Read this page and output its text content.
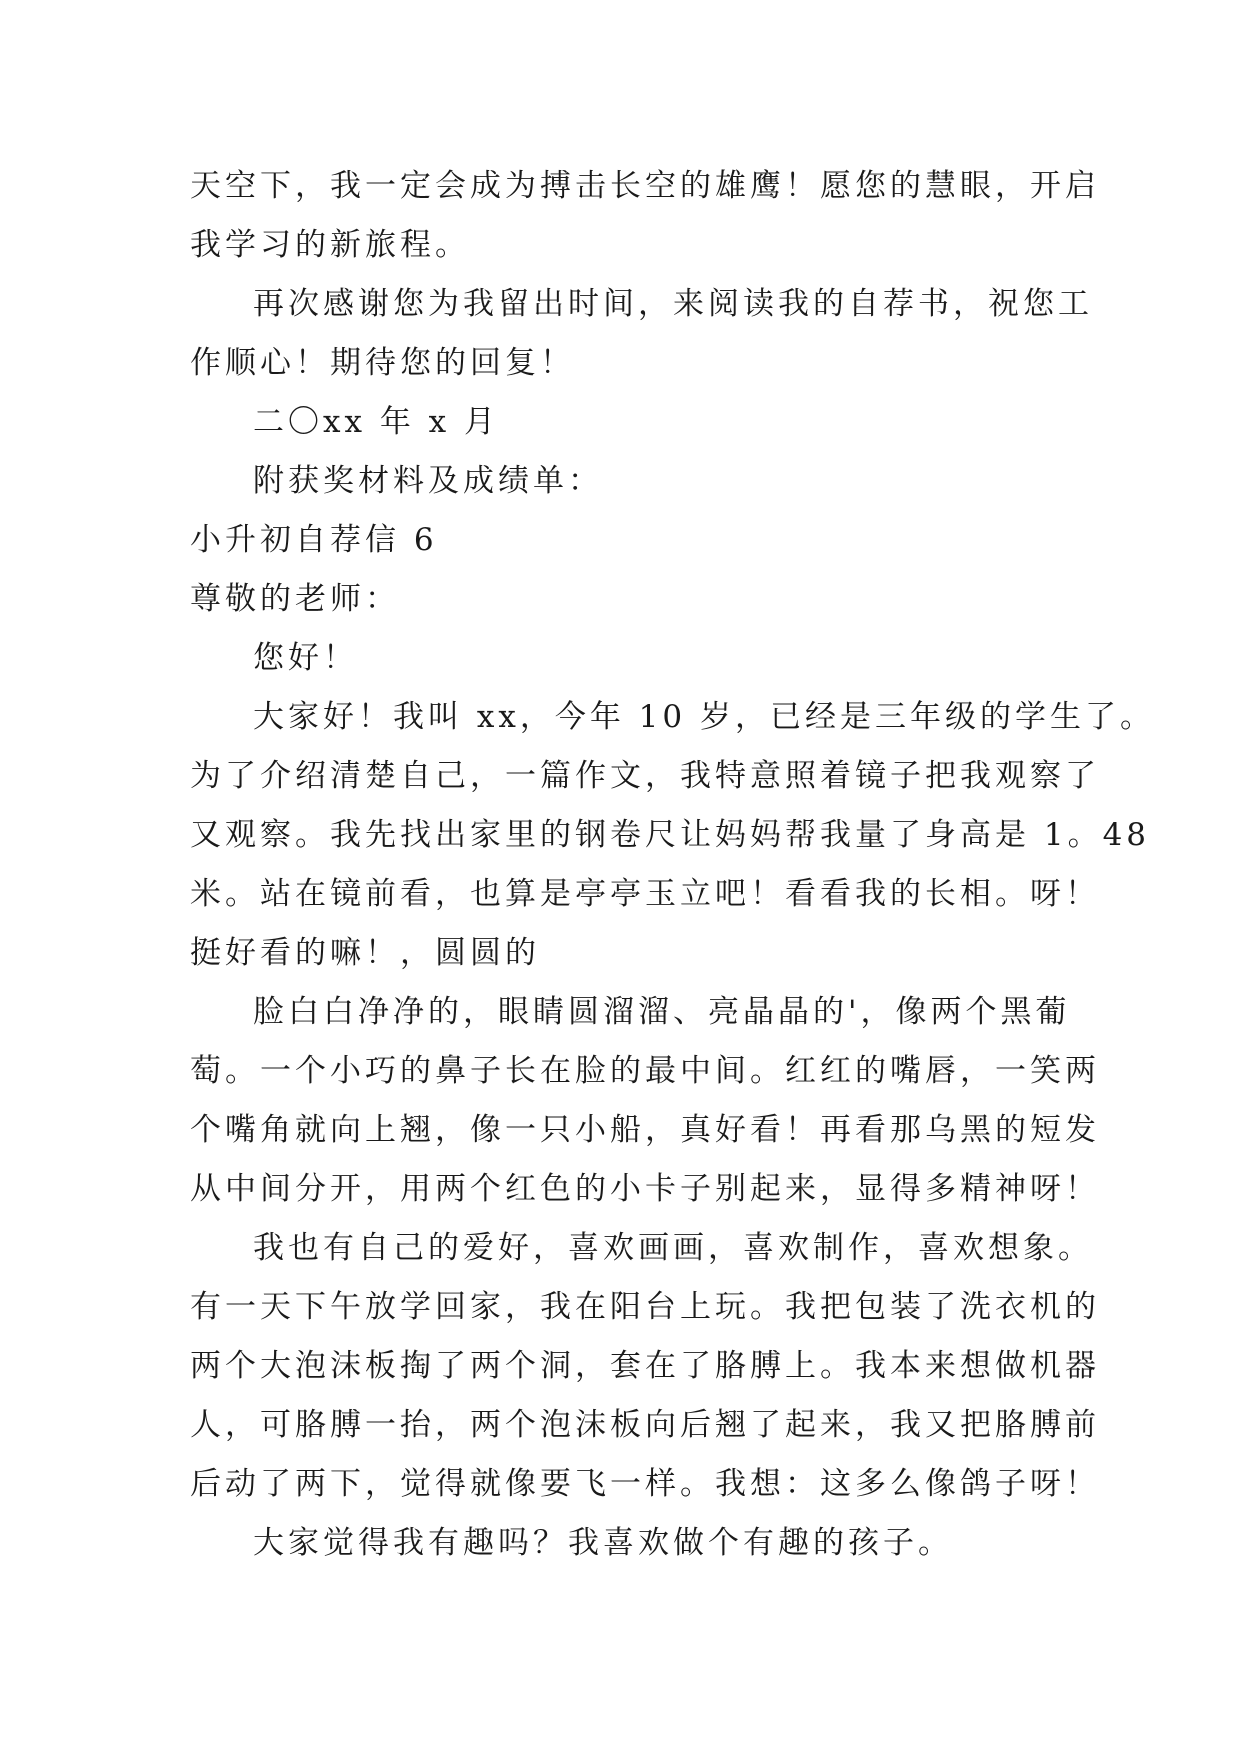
天空下，我一定会成为搏击长空的雄鹰！愿您的慧眼，开启
我学习的新旅程。
再次感谢您为我留出时间，来阅读我的自荐书，祝您工
作顺心！期待您的回复！
二〇xx 年 x 月
附获奖材料及成绩单：
小升初自荐信 6
尊敬的老师：
您好！
大家好！我叫 xx，今年 10 岁，已经是三年级的学生了。
为了介绍清楚自己，一篇作文，我特意照着镜子把我观察了
又观察。我先找出家里的钢卷尺让妈妈帮我量了身高是 1。48
米。站在镜前看，也算是亭亭玉立吧！看看我的长相。呀！
挺好看的嘛！，圆圆的
脸白白净净的，眼睛圆溜溜、亮晶晶的'，像两个黑葡
萄。一个小巧的鼻子长在脸的最中间。红红的嘴唇，一笑两
个嘴角就向上翘，像一只小船，真好看！再看那乌黑的短发
从中间分开，用两个红色的小卡子别起来，显得多精神呀！
我也有自己的爱好，喜欢画画，喜欢制作，喜欢想象。
有一天下午放学回家，我在阳台上玩。我把包装了洗衣机的
两个大泡沫板掏了两个洞，套在了胳膊上。我本来想做机器
人，可胳膊一抬，两个泡沫板向后翘了起来，我又把胳膊前
后动了两下，觉得就像要飞一样。我想：这多么像鸽子呀！
大家觉得我有趣吗？我喜欢做个有趣的孩子。
